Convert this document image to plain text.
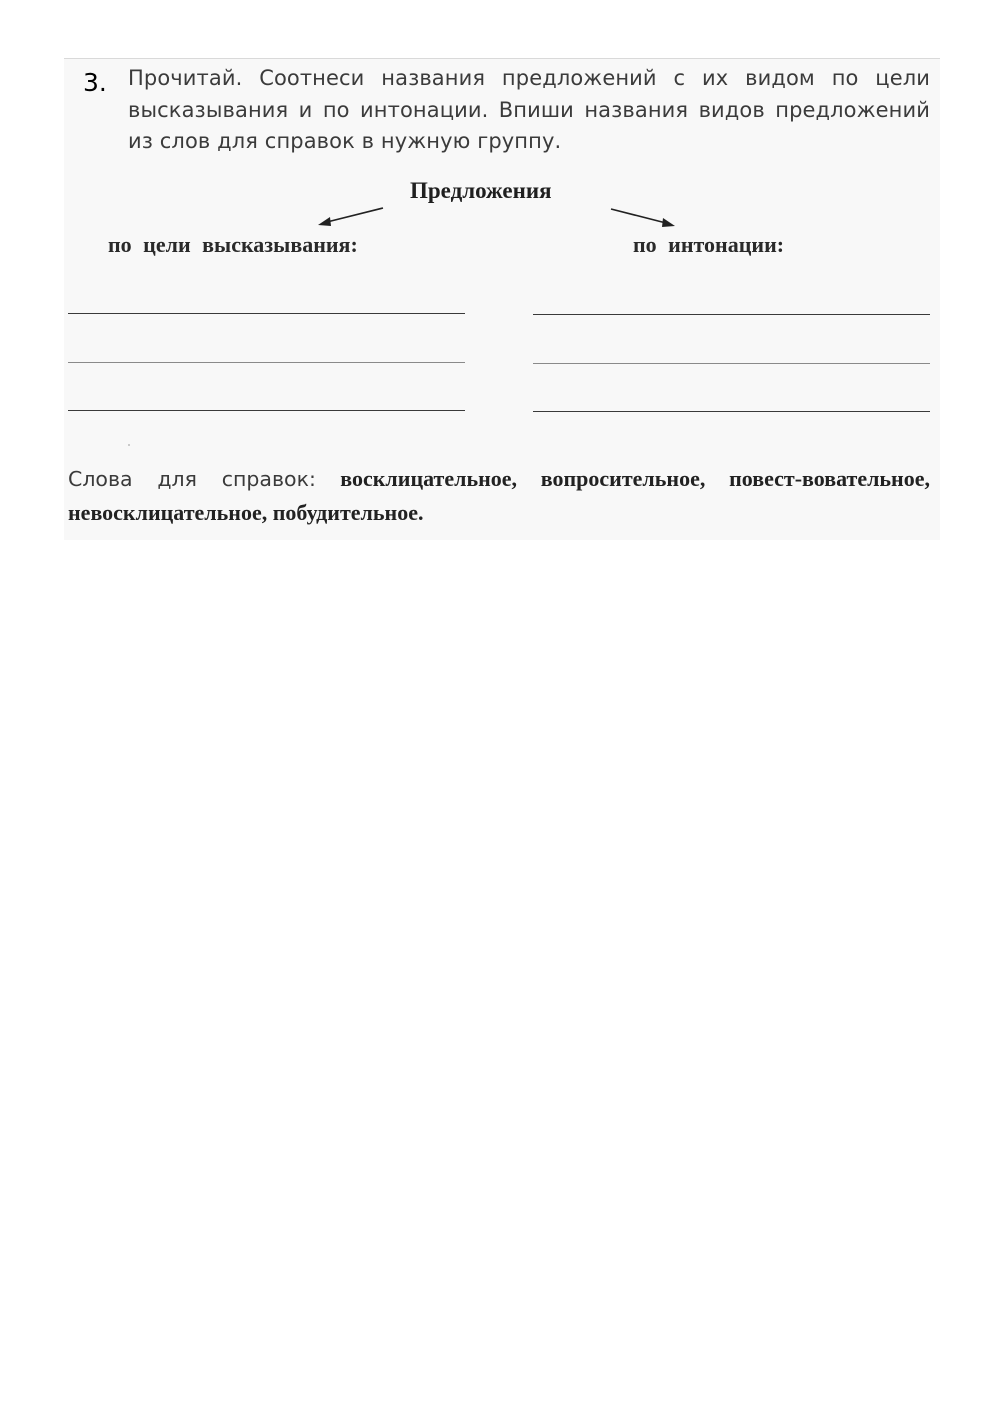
3. Прочитай. Соотнеси названия предложений с их видом по цели высказывания и по интонации. Впиши названия видов предложений из слов для справок в нужную группу.
Предложения
по цели высказывания:	по интонации:
Слова для справок: восклицательное, вопросительное, повест-вовательное, невосклицательное, побудительное.
